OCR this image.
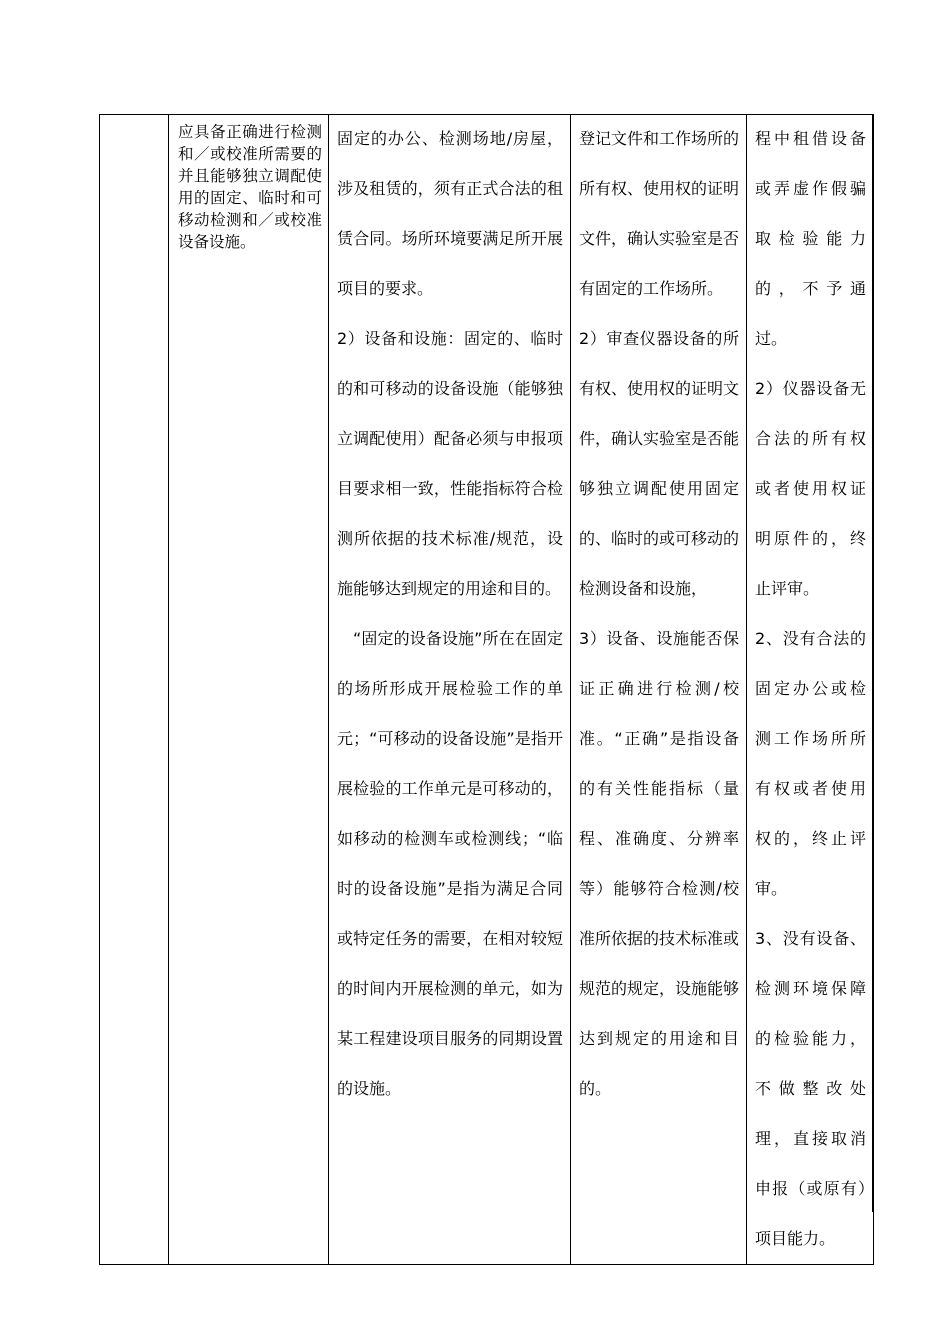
应具备正确进行检测和／或校准所需要的并且能够独立调配使用的固定、临时和可移动检测和／或校准设备设施。

固定的办公、检测场地/房屋，涉及租赁的，须有正式合法的租赁合同。场所环境要满足所开展项目的要求。
2）设备和设施：固定的、临时的和可移动的设备设施（能够独立调配使用）配备必须与申报项目要求相一致，性能指标符合检测所依据的技术标准/规范，设施能够达到规定的用途和目的。
“固定的设备设施”所在在固定的场所形成开展检验工作的单元；“可移动的设备设施”是指开展检验的工作单元是可移动的，如移动的检测车或检测线；“临时的设备设施”是指为满足合同或特定任务的需要，在相对较短的时间内开展检测的单元，如为某工程建设项目服务的同期设置的设施。

登记文件和工作场所的所有权、使用权的证明文件，确认实验室是否有固定的工作场所。
2）审查仪器设备的所有权、使用权的证明文件，确认实验室是否能够独立调配使用固定的、临时的或可移动的检测设备和设施，
3）设备、设施能否保证正确进行检测/校准。“正确”是指设备的有关性能指标（量程、准确度、分辨率等）能够符合检测/校准所依据的技术标准或规范的规定，设施能够达到规定的用途和目的。

程中租借设备或弄虚作假骗取检验能力的，不予通过。
2）仪器设备无合法的所有权或者使用权证明原件的，终止评审。
2、没有合法的固定办公或检测工作场所所有权或者使用权的，终止评审。
3、没有设备、检测环境保障的检验能力，不做整改处理，直接取消申报（或原有）项目能力。
